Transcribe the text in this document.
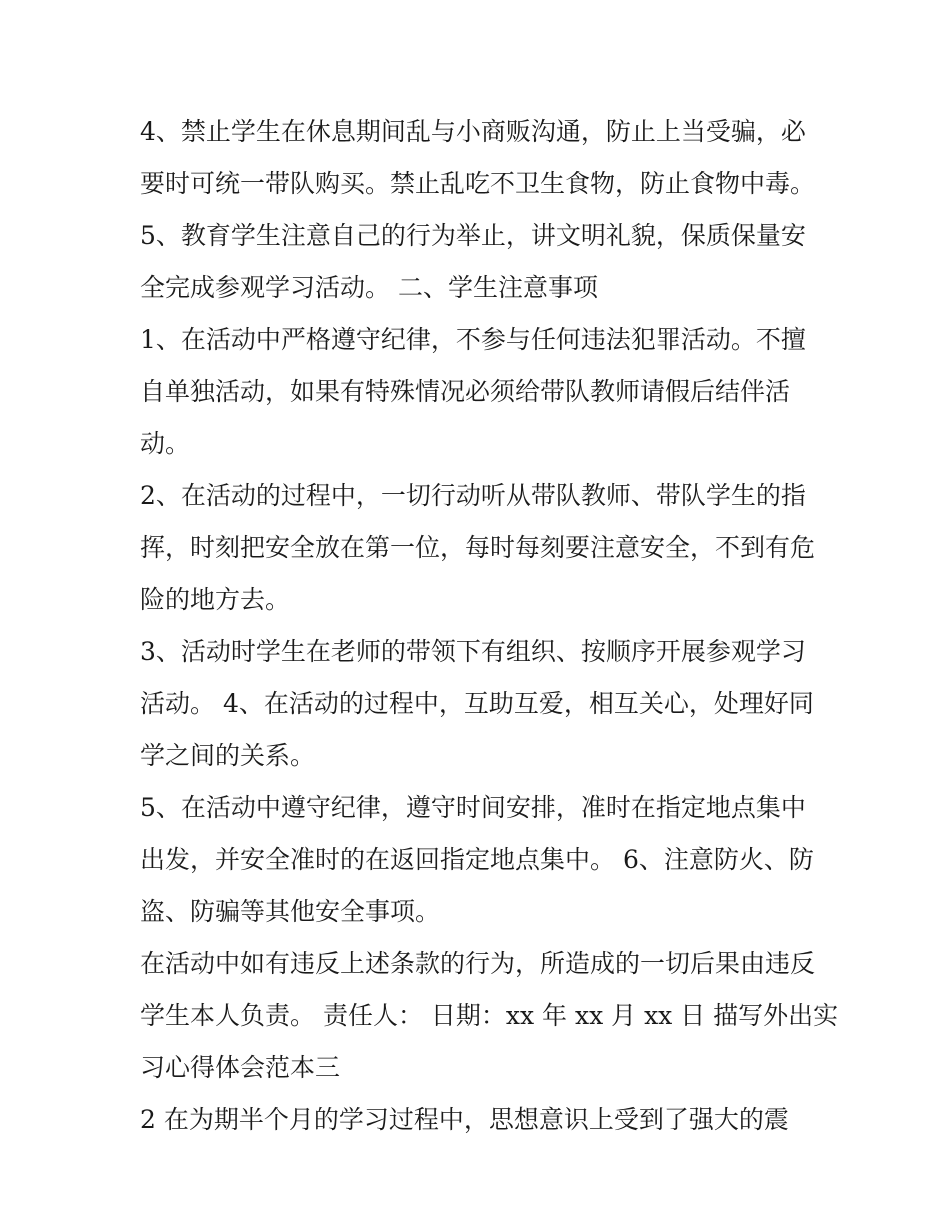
4、禁止学生在休息期间乱与小商贩沟通，防止上当受骗，必
要时可统一带队购买。禁止乱吃不卫生食物，防止食物中毒。

5、教育学生注意自己的行为举止，讲文明礼貌，保质保量安
全完成参观学习活动。 二、学生注意事项

1、在活动中严格遵守纪律，不参与任何违法犯罪活动。不擅
自单独活动，如果有特殊情况必须给带队教师请假后结伴活
动。

2、在活动的过程中，一切行动听从带队教师、带队学生的指
挥，时刻把安全放在第一位，每时每刻要注意安全，不到有危
险的地方去。

3、活动时学生在老师的带领下有组织、按顺序开展参观学习
活动。 4、在活动的过程中，互助互爱，相互关心，处理好同
学之间的关系。

5、在活动中遵守纪律，遵守时间安排，准时在指定地点集中
出发，并安全准时的在返回指定地点集中。 6、注意防火、防
盗、防骗等其他安全事项。

在活动中如有违反上述条款的行为，所造成的一切后果由违反
学生本人负责。 责任人： 日期：xx 年 xx 月 xx 日 描写外出实
习心得体会范本三

2 在为期半个月的学习过程中，思想意识上受到了强大的震
